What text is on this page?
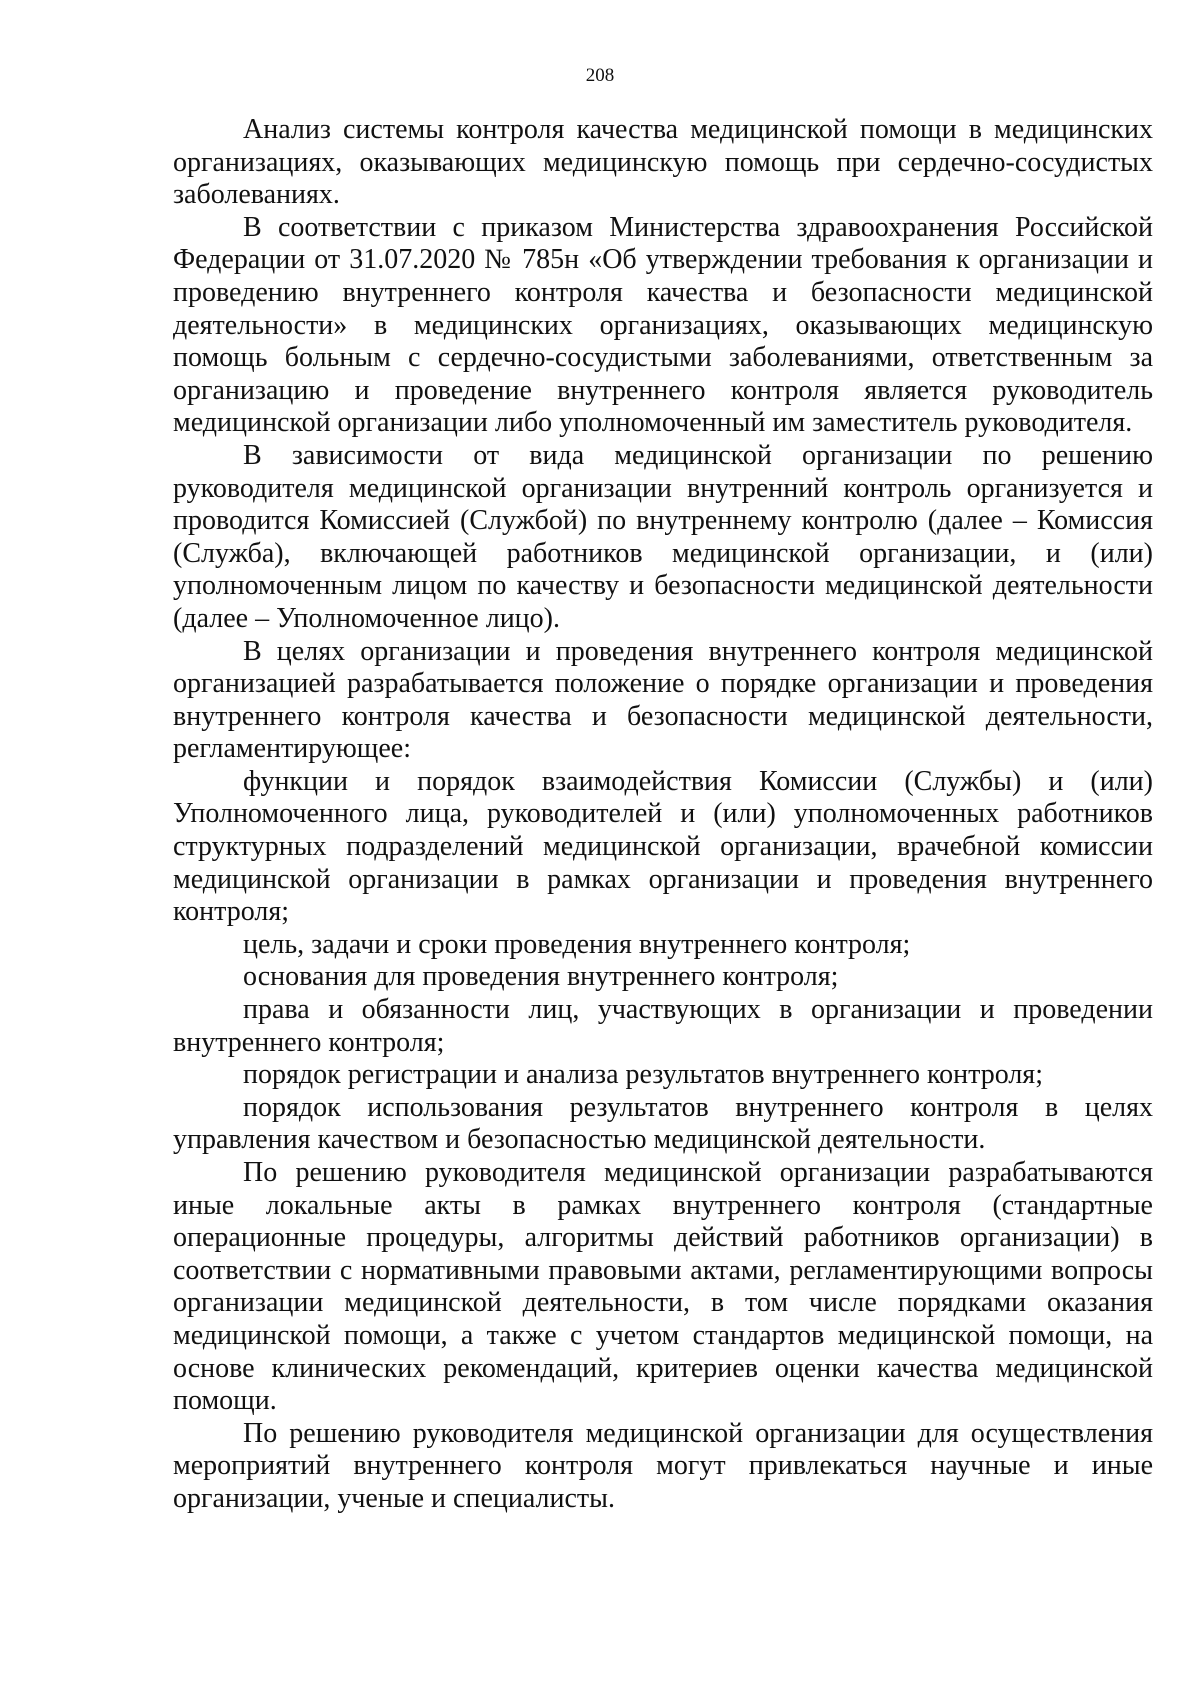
208

Анализ системы контроля качества медицинской помощи в медицинских организациях, оказывающих медицинскую помощь при сердечно-сосудистых заболеваниях.

В соответствии с приказом Министерства здравоохранения Российской Федерации от 31.07.2020 № 785н «Об утверждении требования к организации и проведению внутреннего контроля качества и безопасности медицинской деятельности» в медицинских организациях, оказывающих медицинскую помощь больным с сердечно-сосудистыми заболеваниями, ответственным за организацию и проведение внутреннего контроля является руководитель медицинской организации либо уполномоченный им заместитель руководителя.

В зависимости от вида медицинской организации по решению руководителя медицинской организации внутренний контроль организуется и проводится Комиссией (Службой) по внутреннему контролю (далее – Комиссия (Служба), включающей работников медицинской организации, и (или) уполномоченным лицом по качеству и безопасности медицинской деятельности (далее – Уполномоченное лицо).

В целях организации и проведения внутреннего контроля медицинской организацией разрабатывается положение о порядке организации и проведения внутреннего контроля качества и безопасности медицинской деятельности, регламентирующее:

функции и порядок взаимодействия Комиссии (Службы) и (или) Уполномоченного лица, руководителей и (или) уполномоченных работников структурных подразделений медицинской организации, врачебной комиссии медицинской организации в рамках организации и проведения внутреннего контроля;

цель, задачи и сроки проведения внутреннего контроля;

основания для проведения внутреннего контроля;

права и обязанности лиц, участвующих в организации и проведении внутреннего контроля;

порядок регистрации и анализа результатов внутреннего контроля;

порядок использования результатов внутреннего контроля в целях управления качеством и безопасностью медицинской деятельности.

По решению руководителя медицинской организации разрабатываются иные локальные акты в рамках внутреннего контроля (стандартные операционные процедуры, алгоритмы действий работников организации) в соответствии с нормативными правовыми актами, регламентирующими вопросы организации медицинской деятельности, в том числе порядками оказания медицинской помощи, а также с учетом стандартов медицинской помощи, на основе клинических рекомендаций, критериев оценки качества медицинской помощи.

По решению руководителя медицинской организации для осуществления мероприятий внутреннего контроля могут привлекаться научные и иные организации, ученые и специалисты.
